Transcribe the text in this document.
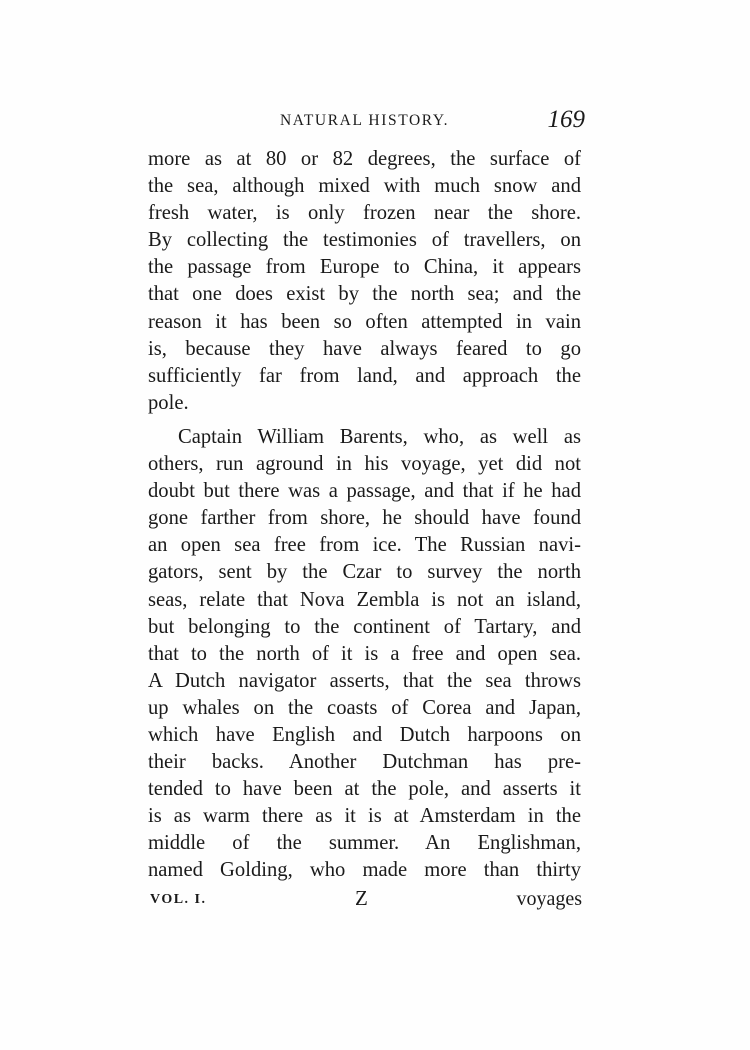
NATURAL HISTORY.	169
more as at 80 or 82 degrees, the surface of
the sea, although mixed with much snow and
fresh water, is only frozen near the shore.
By collecting the testimonies of travellers, on
the passage from Europe to China, it appears
that one does exist by the north sea; and the
reason it has been so often attempted in vain
is, because they have always feared to go
sufficiently far from land, and approach the
pole.
Captain William Barents, who, as well as
others, run aground in his voyage, yet did not
doubt but there was a passage, and that if he had
gone farther from shore, he should have found
an open sea free from ice. The Russian navi-
gators, sent by the Czar to survey the north
seas, relate that Nova Zembla is not an island,
but belonging to the continent of Tartary, and
that to the north of it is a free and open sea.
A Dutch navigator asserts, that the sea throws
up whales on the coasts of Corea and Japan,
which have English and Dutch harpoons on
their backs. Another Dutchman has pre-
tended to have been at the pole, and asserts it
is as warm there as it is at Amsterdam in the
middle of the summer. An Englishman,
named Golding, who made more than thirty
VOL. I.	Z	voyages
